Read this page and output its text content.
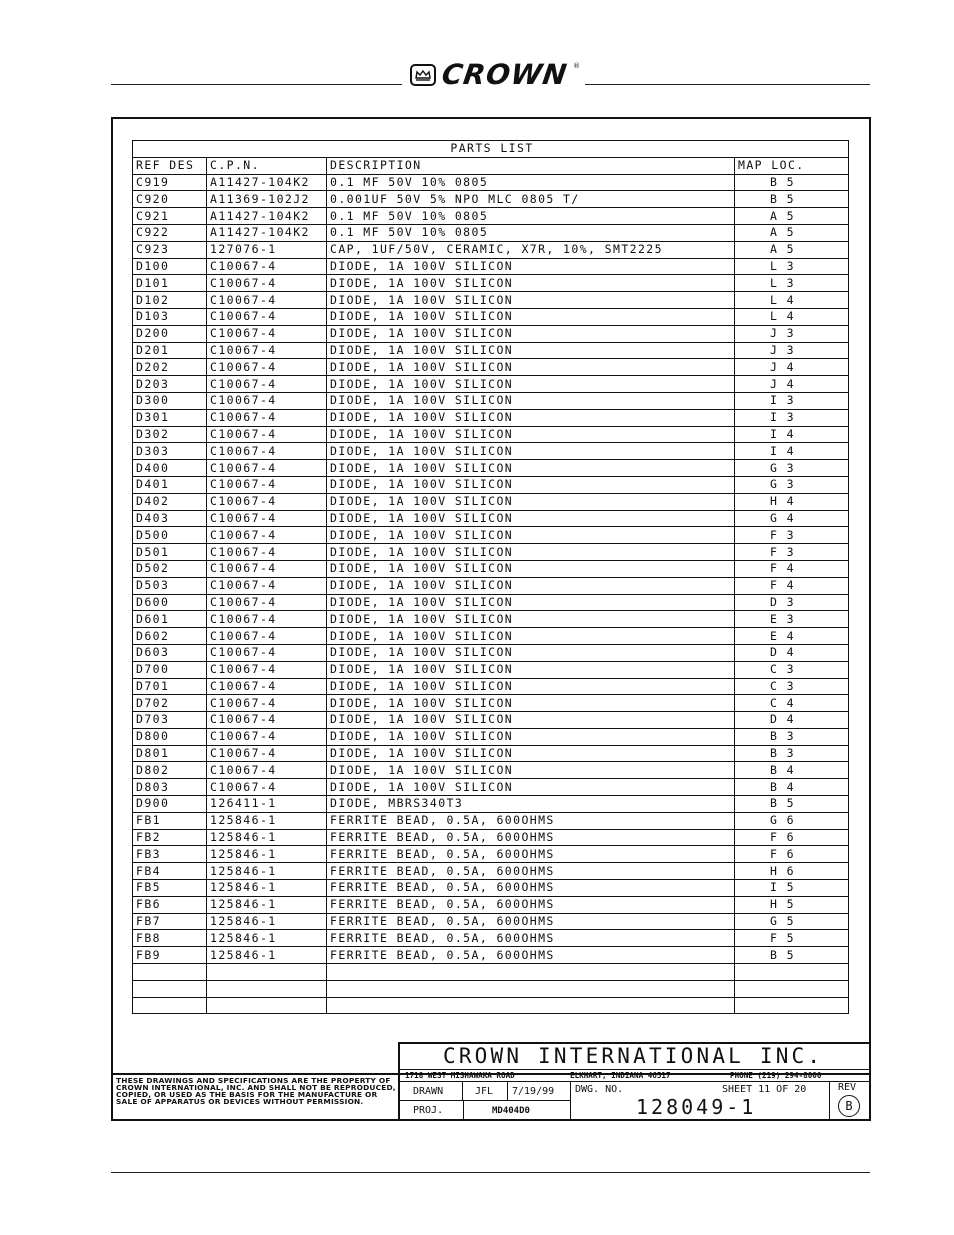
CROWN ®
PARTS LIST			
REF DES	C.P.N.	DESCRIPTION	MAP LOC.
C919	A11427-104K2	0.1 MF 50V 10% 0805	B 5
C920	A11369-102J2	0.001UF 50V 5% NPO MLC 0805 T/	B 5
C921	A11427-104K2	0.1 MF 50V 10% 0805	A 5
C922	A11427-104K2	0.1 MF 50V 10% 0805	A 5
C923	127076-1	CAP, 1UF/50V, CERAMIC, X7R, 10%, SMT2225	A 5
D100	C10067-4	DIODE, 1A 100V SILICON	L 3
D101	C10067-4	DIODE, 1A 100V SILICON	L 3
D102	C10067-4	DIODE, 1A 100V SILICON	L 4
D103	C10067-4	DIODE, 1A 100V SILICON	L 4
D200	C10067-4	DIODE, 1A 100V SILICON	J 3
D201	C10067-4	DIODE, 1A 100V SILICON	J 3
D202	C10067-4	DIODE, 1A 100V SILICON	J 4
D203	C10067-4	DIODE, 1A 100V SILICON	J 4
D300	C10067-4	DIODE, 1A 100V SILICON	I 3
D301	C10067-4	DIODE, 1A 100V SILICON	I 3
D302	C10067-4	DIODE, 1A 100V SILICON	I 4
D303	C10067-4	DIODE, 1A 100V SILICON	I 4
D400	C10067-4	DIODE, 1A 100V SILICON	G 3
D401	C10067-4	DIODE, 1A 100V SILICON	G 3
D402	C10067-4	DIODE, 1A 100V SILICON	H 4
D403	C10067-4	DIODE, 1A 100V SILICON	G 4
D500	C10067-4	DIODE, 1A 100V SILICON	F 3
D501	C10067-4	DIODE, 1A 100V SILICON	F 3
D502	C10067-4	DIODE, 1A 100V SILICON	F 4
D503	C10067-4	DIODE, 1A 100V SILICON	F 4
D600	C10067-4	DIODE, 1A 100V SILICON	D 3
D601	C10067-4	DIODE, 1A 100V SILICON	E 3
D602	C10067-4	DIODE, 1A 100V SILICON	E 4
D603	C10067-4	DIODE, 1A 100V SILICON	D 4
D700	C10067-4	DIODE, 1A 100V SILICON	C 3
D701	C10067-4	DIODE, 1A 100V SILICON	C 3
D702	C10067-4	DIODE, 1A 100V SILICON	C 4
D703	C10067-4	DIODE, 1A 100V SILICON	D 4
D800	C10067-4	DIODE, 1A 100V SILICON	B 3
D801	C10067-4	DIODE, 1A 100V SILICON	B 3
D802	C10067-4	DIODE, 1A 100V SILICON	B 4
D803	C10067-4	DIODE, 1A 100V SILICON	B 4
D900	126411-1	DIODE, MBRS340T3	B 5
FB1	125846-1	FERRITE BEAD, 0.5A, 600OHMS	G 6
FB2	125846-1	FERRITE BEAD, 0.5A, 600OHMS	F 6
FB3	125846-1	FERRITE BEAD, 0.5A, 600OHMS	F 6
FB4	125846-1	FERRITE BEAD, 0.5A, 600OHMS	H 6
FB5	125846-1	FERRITE BEAD, 0.5A, 600OHMS	I 5
FB6	125846-1	FERRITE BEAD, 0.5A, 600OHMS	H 5
FB7	125846-1	FERRITE BEAD, 0.5A, 600OHMS	G 5
FB8	125846-1	FERRITE BEAD, 0.5A, 600OHMS	F 5
FB9	125846-1	FERRITE BEAD, 0.5A, 600OHMS	B 5

THESE DRAWINGS AND SPECIFICATIONS ARE THE PROPERTY OF CROWN INTERNATIONAL, INC. AND SHALL NOT BE REPRODUCED, COPIED, OR USED AS THE BASIS FOR THE MANUFACTURE OR SALE OF APPARATUS OR DEVICES WITHOUT PERMISSION.
CROWN INTERNATIONAL INC.
1718 WEST MISHAWAKA ROAD	ELKHART, INDIANA 46517	PHONE (219) 294-8000
DRAWN	JFL 7/19/99
PROJ.	MD404D0
DWG. NO.	SHEET 11 OF 20
128049-1
REV
B
